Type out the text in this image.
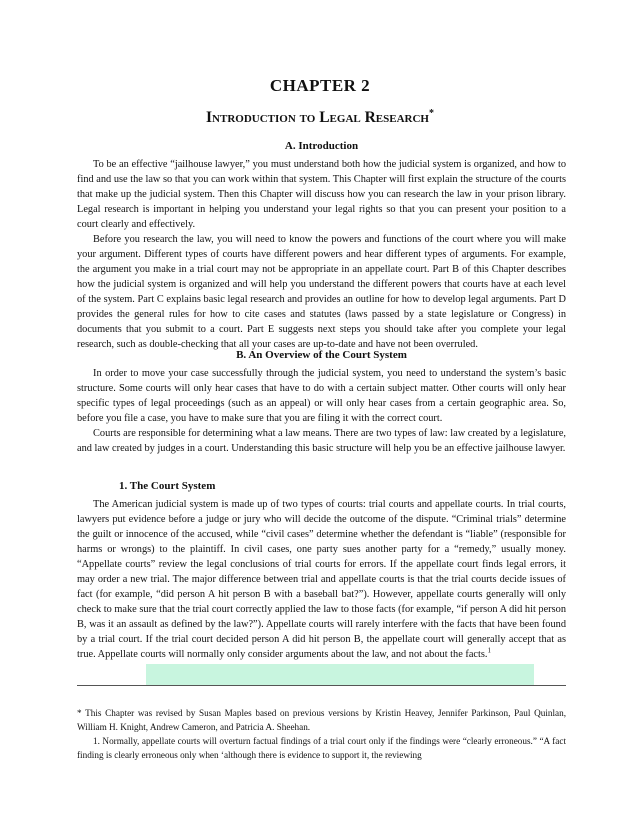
CHAPTER 2
Introduction to Legal Research*
A. Introduction

To be an effective “jailhouse lawyer,” you must understand both how the judicial system is organized, and how to find and use the law so that you can work within that system. This Chapter will first explain the structure of the courts that make up the judicial system. Then this Chapter will discuss how you can research the law in your prison library. Legal research is important in helping you understand your legal rights so that you can present your position to a court clearly and effectively.

Before you research the law, you will need to know the powers and functions of the court where you will make your argument. Different types of courts have different powers and hear different types of arguments. For example, the argument you make in a trial court may not be appropriate in an appellate court. Part B of this Chapter describes how the judicial system is organized and will help you understand the different powers that courts have at each level of the system. Part C explains basic legal research and provides an outline for how to develop legal arguments. Part D provides the general rules for how to cite cases and statutes (laws passed by a state legislature or Congress) in documents that you submit to a court. Part E suggests next steps you should take after you complete your legal research, such as double-checking that all your cases are up-to-date and have not been overruled.

B. An Overview of the Court System

In order to move your case successfully through the judicial system, you need to understand the system’s basic structure. Some courts will only hear cases that have to do with a certain subject matter. Other courts will only hear specific types of legal proceedings (such as an appeal) or will only hear cases from a certain geographic area. So, before you file a case, you have to make sure that you are filing it with the correct court.

Courts are responsible for determining what a law means. There are two types of law: law created by a legislature, and law created by judges in a court. Understanding this basic structure will help you be an effective jailhouse lawyer.

1. The Court System

The American judicial system is made up of two types of courts: trial courts and appellate courts. In trial courts, lawyers put evidence before a judge or jury who will decide the outcome of the dispute. “Criminal trials” determine the guilt or innocence of the accused, while “civil cases” determine whether the defendant is “liable” (responsible for harms or wrongs) to the plaintiff. In civil cases, one party sues another party for a “remedy,” usually money. “Appellate courts” review the legal conclusions of trial courts for errors. If the appellate court finds legal errors, it may order a new trial. The major difference between trial and appellate courts is that the trial courts decide issues of fact (for example, “did person A hit person B with a baseball bat?”). However, appellate courts generally will only check to make sure that the trial court correctly applied the law to those facts (for example, “if person A did hit person B, was it an assault as defined by the law?”). Appellate courts will rarely interfere with the facts that have been found by a trial court. If the trial court decided person A did hit person B, the appellate court will generally accept that as true. Appellate courts will normally only consider arguments about the law, and not about the facts.$^1$

* This Chapter was revised by Susan Maples based on previous versions by Kristin Heavey, Jennifer Parkinson, Paul Quinlan, William H. Knight, Andrew Cameron, and Patricia A. Sheehan.

1. Normally, appellate courts will overturn factual findings of a trial court only if the findings were “clearly erroneous.” “A fact finding is clearly erroneous only when ‘although there is evidence to support it, the reviewing
